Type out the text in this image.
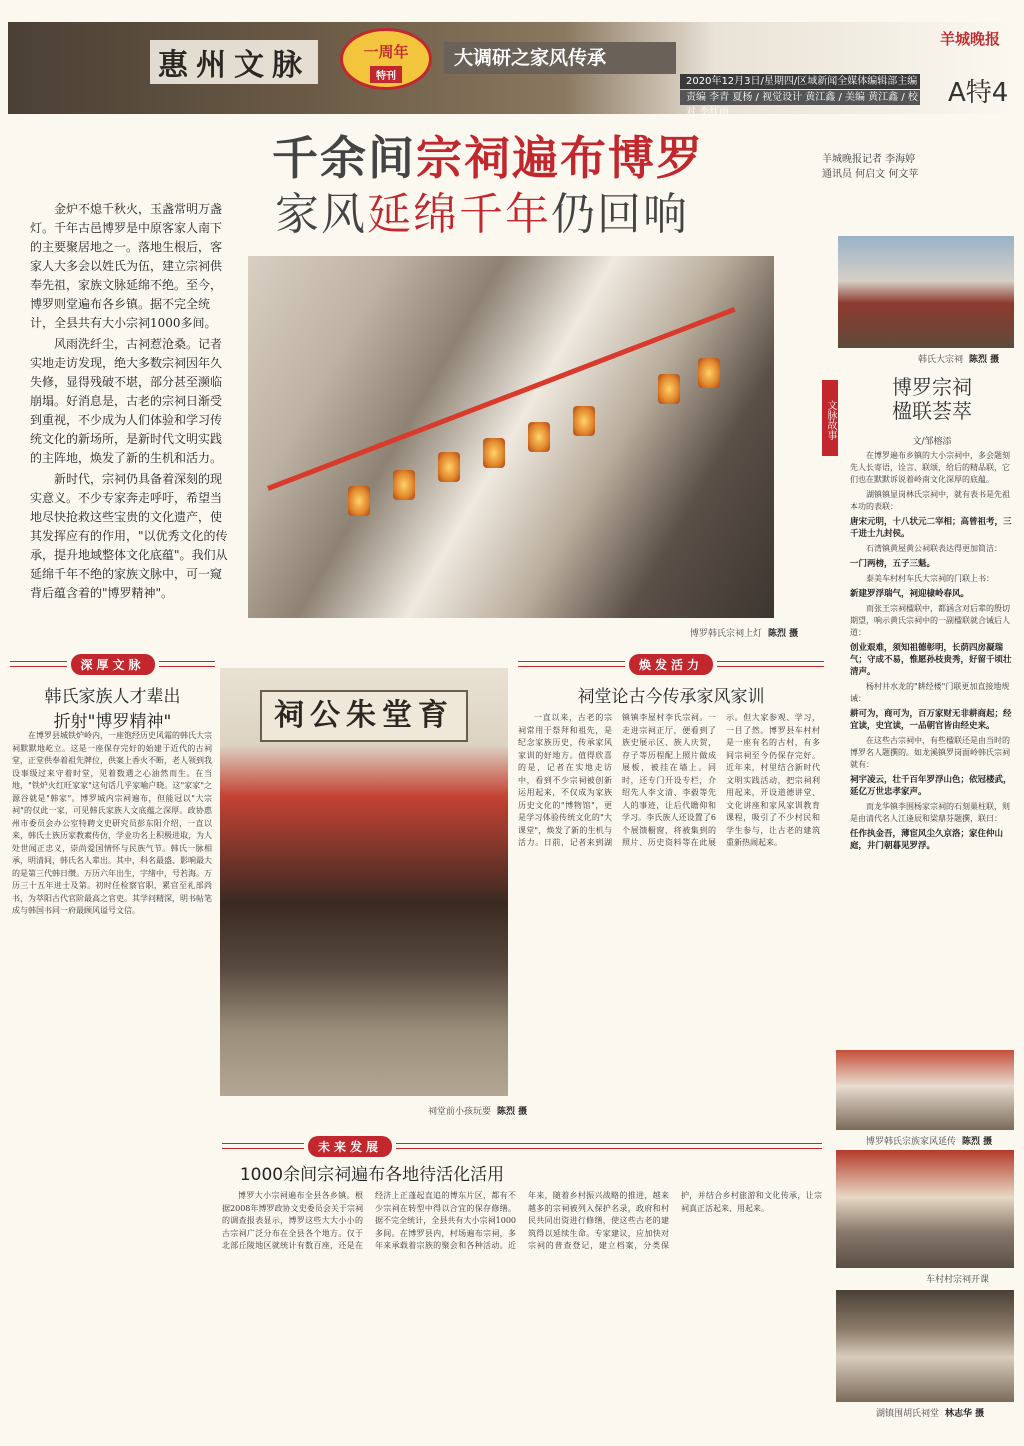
惠州文脉	一周年
特刊
大调研之家风传承
羊城晚报
2020年12月3日/星期四/区域新闻全媒体编辑部主编
责编 李青 夏杨 / 视觉设计 黄江鑫 / 美编 黄江鑫 / 校对 李红雨
A特4
千余间宗祠遍布博罗
家风延绵千年仍回响
羊城晚报记者 李海婷
通讯员 何启文 何文苹

金炉不熄千秋火，玉盏常明万盏灯。千年古邑博罗是中原客家人南下的主要聚居地之一。落地生根后，客家人大多会以姓氏为伍，建立宗祠供奉先祖，家族文脉延绵不绝。至今，博罗则堂遍布各乡镇。据不完全统计，全县共有大小宗祠1000多间。

风雨洗纤尘，古祠惹沧桑。记者实地走访发现，绝大多数宗祠因年久失修，显得残破不堪，部分甚至濒临崩塌。好消息是，古老的宗祠日渐受到重视，不少成为人们体验和学习传统文化的新场所，是新时代文明实践的主阵地，焕发了新的生机和活力。

新时代，宗祠仍具备着深刻的现实意义。不少专家奔走呼吁，希望当地尽快抢救这些宝贵的文化遗产，使其发挥应有的作用，"以优秀文化的传承，提升地域整体文化底蕴"。我们从延绵千年不绝的家族文脉中，可一窥背后蕴含着的"博罗精神"。

博罗韩氏宗祠上灯 陈烈 摄
韩氏大宗祠 陈烈 摄
文脉故事
博罗宗祠
楹联荟萃
文/邹榕添

在博罗遍布乡镇的大小宗祠中，多会题刻先人长寄语，诠言、联颂，给后的精品联，它们也在默默诉说着岭南文化深厚的底蕴。

湖镇镇显岗林氏宗祠中，就有表书是先祖本功的表联：

唐宋元明，十八状元二宰相；高曾祖考，三千进士九封侯。

石湾镇黄屋黄公祠联表达得更加简洁：

一门两榜，五子三魁。

泰美车村村车氏大宗祠的门联上书：

新建罗浮瑞气，祠迎棣岭春风。

而张王宗祠楹联中，都涵含对后辈的殷切期望，响示黄氏宗祠中的一副楹联就合诫后人道：

创业艰难，须知祖德彰明，长荫四房凝瑞气；守成不易，惟愿孙枝贵秀，好留千顷壮清声。

杨村井水龙的"耕经楼"门联更加直接地规诫：

耕可为，商可为，百万家财无非耕商起；经宜读，史宜读，一品朝官皆由经史来。

在这些古宗祠中，有些楹联还是由当时的博罗名人题撰的。如龙溪镇罗岗面岭韩氏宗祠就有：

祠宇凌云，壮千百年罗浮山色；依冠楼武，延亿万世忠孝家声。

而龙华镇李围杨家宗祠的石刻巢柱联，则是由清代名人江逢辰和梁鼎芬题撰，联曰：

任作执金吾，薄宦风尘久京洛；家住仲山庭，井门朝暮见罗浮。

深厚文脉
韩氏家族人才辈出
折射"博罗精神"
在博罗县城铁炉岭内，一座饱经历史风霜的韩氏大宗祠默默地屹立。这是一座保存完好的始建于近代的古祠堂，正堂供奉着祖先牌位，供案上香火不断，老人领到我设事级过来守着时堂，见着数遇之心油然而生。在当地，"铁炉火红旺家家"这句话几乎家喻户晓。这"家家"之源谷就是"韩家"。博罗城内宗祠遍布，但能冠以"大宗祠"的仅此一家，可见韩氏家族人文底蕴之深厚。政协惠州市委员会办公室特聘文史研究员彭东阳介绍，一直以来，韩氏士族历家教素传仿，学业功名上积极进取，为人处世闻正忠义，崇尚爱国情怀与民族气节。韩氏一脉相承，明清间，韩氏名人辈出。其中，科名最盛、影响最大的是第三代韩日缵。万历六年出生，字绪中，号若海。万历三十五年进士及第。初时任检察官职，累官至礼部尚书，为萃阳古代官阶最高之官吏。其学问精深，明书帖笔成与韩国书同一府最顾风谥号文信。
祠公朱堂育
祠堂前小孩玩要 陈烈 摄
焕发活力
祠堂论古今传承家风家训
一直以来，古老的宗祠常用于祭拜和祖先，是纪念家族历史，传承家风家训的好地方。值得欣喜的是，记者在实地走访中，看到不少宗祠被创新运用起来，不仅成为家族历史文化的"博物馆"，更是学习体验传统文化的"大课堂"，焕发了新的生机与活力。日前，记者来到湖镇镇李屋村李氏宗祠。一走进宗祠正厅，便看到了族史展示区、族人庆贺，存子等历程配上照片做成展板，被挂在墙上。同时，还专门开设专栏，介绍先人李文清、李毅等先人的事迹，让后代瞻仰和学习。李氏族人还设置了6个展馈橱窗，将被集到的照片、历史资料等在此展示。但大家参观、学习，一目了然。博罗县车村村是一座有名的古村，有多间宗祠至今仍保存完好。近年来，村里结合新时代文明实践活动，把宗祠利用起来，开设道德讲堂、文化讲座和家风家训教育课程，吸引了不少村民和学生参与，让古老的建筑重新热闹起来。
未来发展
1000余间宗祠遍布各地待活化活用
博罗大小宗祠遍布全县各乡镇。根据2008年博罗政协文史委员会关于宗祠的调查报表显示，博罗这些大大小小的古宗祠广泛分布在全县各个地方。仅于北部丘陵地区就统计有数百座，还是在经济上正蓬起直追的博东片区，都有不少宗祠在转型中得以合宜的保存修缮。据不完全统计，全县共有大小宗祠1000多间。在博罗县内，村场遍布宗祠，多年来承载着宗族的聚会和各种活动。近年来，随着乡村振兴战略的推进，越来越多的宗祠被列入保护名录，政府和村民共同出资进行修缮，使这些古老的建筑得以延续生命。专家建议，应加快对宗祠的普查登记，建立档案，分类保护，并结合乡村旅游和文化传承，让宗祠真正活起来、用起来。
博罗韩氏宗族家风延传 陈烈 摄
车村村宗祠开课
湖镇围胡氏祠堂 林志华 摄
